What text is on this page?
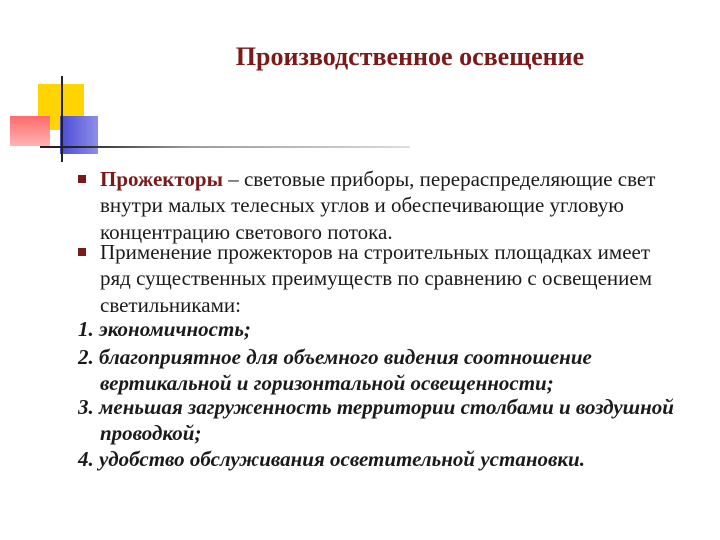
Производственное освещение
Прожекторы – световые приборы, перераспределяющие свет внутри малых телесных углов и обеспечивающие угловую концентрацию светового потока.
Применение прожекторов на строительных площадках имеет ряд существенных преимуществ по сравнению с освещением светильниками:
1. экономичность;
2. благоприятное для объемного видения соотношение вертикальной и горизонтальной освещенности;
3. меньшая загруженность территории столбами и воздушной проводкой;
4. удобство обслуживания осветительной установки.
